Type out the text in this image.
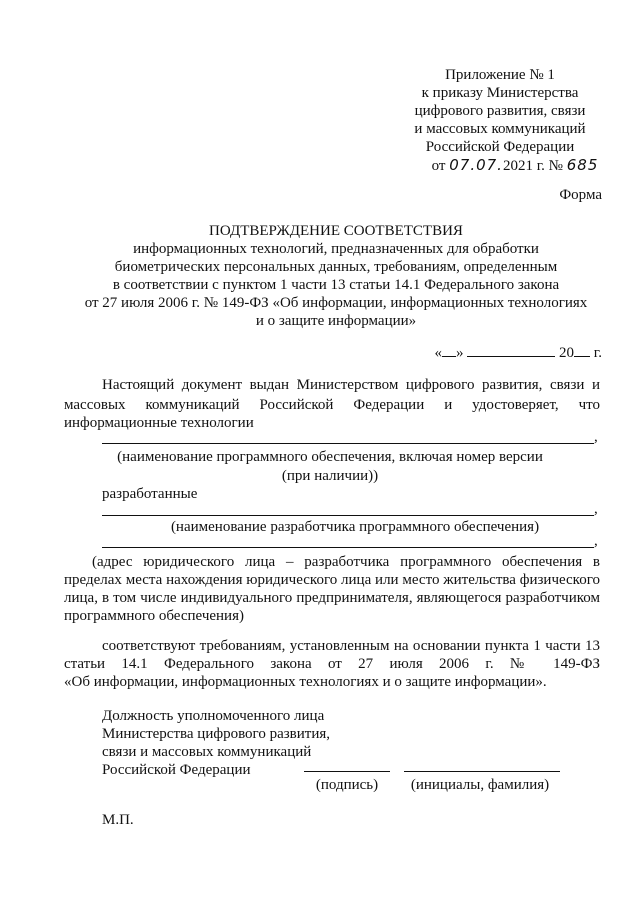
Приложение № 1
к приказу Министерства
цифрового развития, связи
и массовых коммуникаций
Российской Федерации
от 07.07.2021 г. № 685
Форма
ПОДТВЕРЖДЕНИЕ СООТВЕТСТВИЯ
информационных технологий, предназначенных для обработки
биометрических персональных данных, требованиям, определенным
в соответствии с пунктом 1 части 13 статьи 14.1 Федерального закона
от 27 июля 2006 г. № 149-ФЗ «Об информации, информационных технологиях
и о защите информации»
« »	20 г.
Настоящий документ выдан Министерством цифрового развития, связи и
массовых коммуникаций Российской Федерации и удостоверяет, что
информационные технологии
,
(наименование программного обеспечения, включая номер версии
(при наличии))
разработанные
,
(наименование разработчика программного обеспечения)
,
(адрес юридического лица – разработчика программного обеспечения в
пределах места нахождения юридического лица или место жительства физического
лица, в том числе индивидуального предпринимателя, являющегося разработчиком
программного обеспечения)
соответствуют требованиям, установленным на основании пункта 1 части 13
статьи 14.1 Федерального закона от 27 июля 2006 г. № 149-ФЗ
«Об информации, информационных технологиях и о защите информации».
Должность уполномоченного лица
Министерства цифрового развития,
связи и массовых коммуникаций
Российской Федерации
(подпись)	(инициалы, фамилия)
М.П.
